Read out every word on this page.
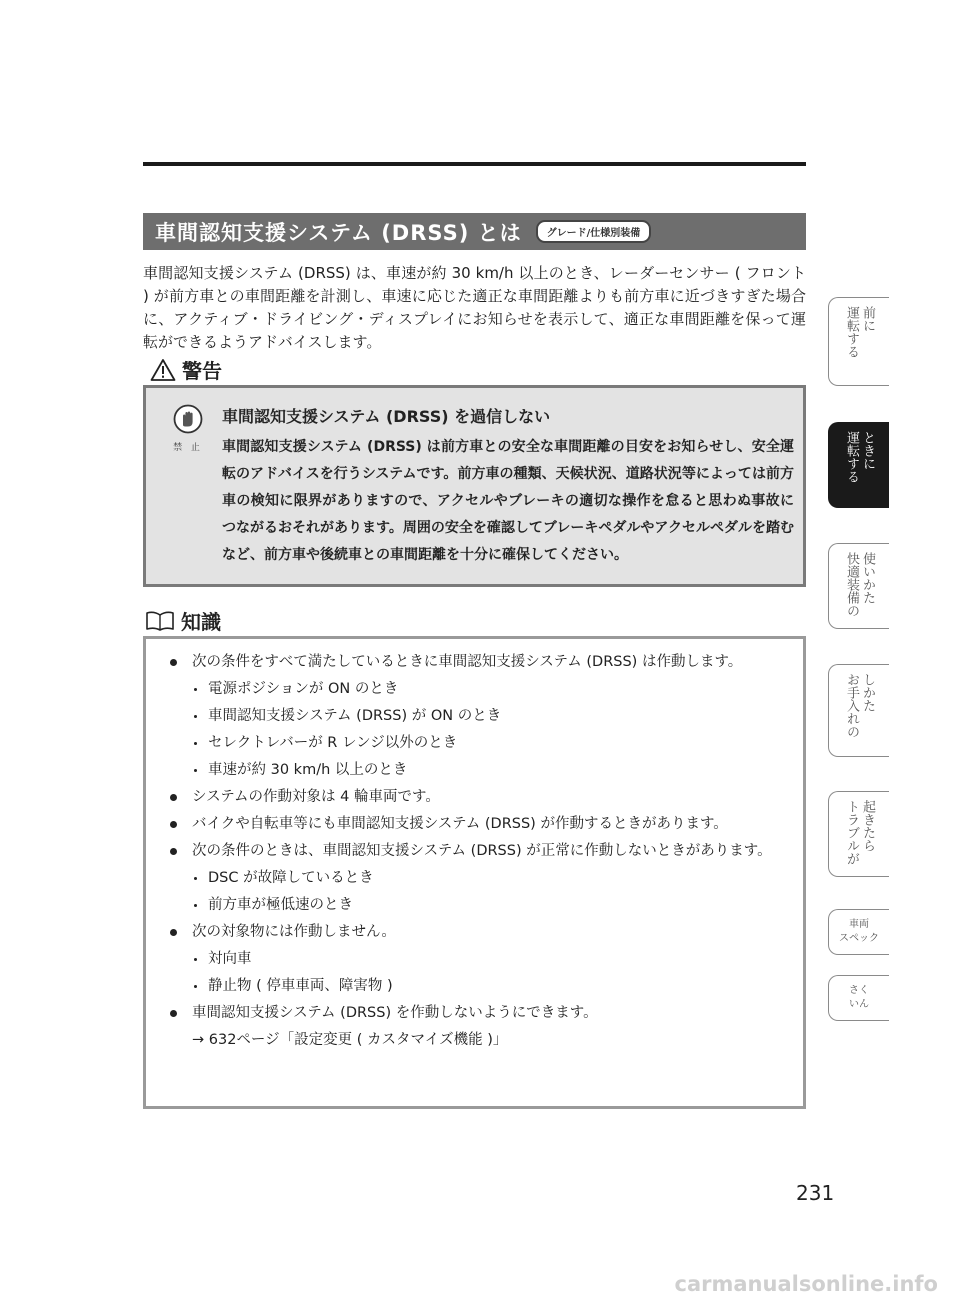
車間認知支援システム (DRSS) とは	グレード/仕様別装備

車間認知支援システム (DRSS) は、車速が約 30 km/h 以上のとき、レーダーセンサー ( フロント ) が前方車との車間距離を計測し、車速に応じた適正な車間距離よりも前方車に近づきすぎた場合に、アクティブ・ドライビング・ディスプレイにお知らせを表示して、適正な車間距離を保って運転ができるようアドバイスします。

警告
禁 止

車間認知支援システム (DRSS) を過信しない

車間認知支援システム (DRSS) は前方車との安全な車間距離の目安をお知らせし、安全運転のアドバイスを行うシステムです。前方車の種類、天候状況、道路状況等によっては前方車の検知に限界がありますので、アクセルやブレーキの適切な操作を怠ると思わぬ事故につながるおそれがあります。周囲の安全を確認してブレーキペダルやアクセルペダルを踏むなど、前方車や後続車との車間距離を十分に確保してください。

知識
次の条件をすべて満たしているときに車間認知支援システム (DRSS) は作動します。
電源ポジションが ON のとき
車間認知支援システム (DRSS) が ON のとき
セレクトレバーが R レンジ以外のとき
車速が約 30 km/h 以上のとき
システムの作動対象は 4 輪車両です。
バイクや自転車等にも車間認知支援システム (DRSS) が作動するときがあります。
次の条件のときは、車間認知支援システム (DRSS) が正常に作動しないときがあります。
DSC が故障しているとき
前方車が極低速のとき
次の対象物には作動しません。
対向車
静止物 ( 停車車両、障害物 )
車間認知支援システム (DRSS) を作動しないようにできます。
→ 632ページ「設定変更 ( カスタマイズ機能 )」
運転する 前に
運転する ときに
快適装備の 使いかた
お手入れの しかた
トラブルが 起きたら
車両
スペック
さく
いん
231
carmanualsonline.info
